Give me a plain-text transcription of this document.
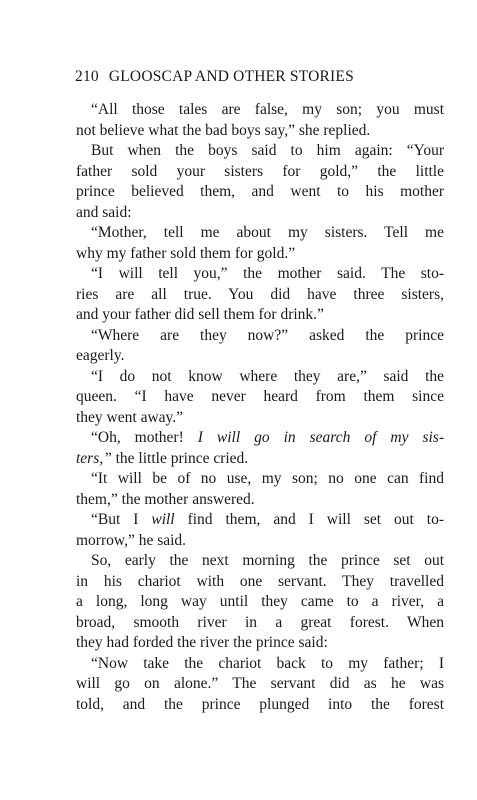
210 GLOOSCAP AND OTHER STORIES
“All those tales are false, my son; you must
not believe what the bad boys say,” she replied.
But when the boys said to him again: “Your
father sold your sisters for gold,” the little
prince believed them, and went to his mother
and said:
“Mother, tell me about my sisters. Tell me
why my father sold them for gold.”
“I will tell you,” the mother said. The sto-
ries are all true. You did have three sisters,
and your father did sell them for drink.”
“Where are they now?” asked the prince
eagerly.
“I do not know where they are,” said the
queen. “I have never heard from them since
they went away.”
“Oh, mother! I will go in search of my sis-
ters,” the little prince cried.
“It will be of no use, my son; no one can find
them,” the mother answered.
“But I will find them, and I will set out to-
morrow,” he said.
So, early the next morning the prince set out
in his chariot with one servant. They travelled
a long, long way until they came to a river, a
broad, smooth river in a great forest. When
they had forded the river the prince said:
“Now take the chariot back to my father; I
will go on alone.” The servant did as he was
told, and the prince plunged into the forest
